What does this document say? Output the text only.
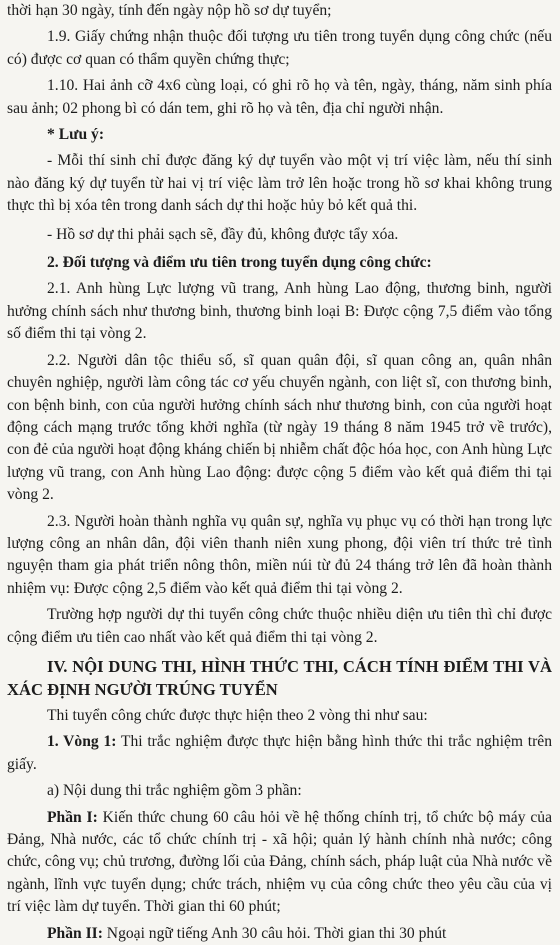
thời hạn 30 ngày, tính đến ngày nộp hồ sơ dự tuyển;

1.9. Giấy chứng nhận thuộc đối tượng ưu tiên trong tuyển dụng công chức (nếu có) được cơ quan có thẩm quyền chứng thực;

1.10. Hai ảnh cỡ 4x6 cùng loại, có ghi rõ họ và tên, ngày, tháng, năm sinh phía sau ảnh; 02 phong bì có dán tem, ghi rõ họ và tên, địa chỉ người nhận.

* Lưu ý:

- Mỗi thí sinh chỉ được đăng ký dự tuyển vào một vị trí việc làm, nếu thí sinh nào đăng ký dự tuyển từ hai vị trí việc làm trở lên hoặc trong hồ sơ khai không trung thực thì bị xóa tên trong danh sách dự thi hoặc hủy bỏ kết quả thi.

- Hồ sơ dự thi phải sạch sẽ, đầy đủ, không được tẩy xóa.

2. Đối tượng và điểm ưu tiên trong tuyển dụng công chức:

2.1. Anh hùng Lực lượng vũ trang, Anh hùng Lao động, thương binh, người hưởng chính sách như thương binh, thương binh loại B: Được cộng 7,5 điểm vào tổng số điểm thi tại vòng 2.

2.2. Người dân tộc thiểu số, sĩ quan quân đội, sĩ quan công an, quân nhân chuyên nghiệp, người làm công tác cơ yếu chuyển ngành, con liệt sĩ, con thương binh, con bệnh binh, con của người hưởng chính sách như thương binh, con của người hoạt động cách mạng trước tổng khởi nghĩa (từ ngày 19 tháng 8 năm 1945 trở về trước), con đẻ của người hoạt động kháng chiến bị nhiễm chất độc hóa học, con Anh hùng Lực lượng vũ trang, con Anh hùng Lao động: được cộng 5 điểm vào kết quả điểm thi tại vòng 2.

2.3. Người hoàn thành nghĩa vụ quân sự, nghĩa vụ phục vụ có thời hạn trong lực lượng công an nhân dân, đội viên thanh niên xung phong, đội viên trí thức trẻ tình nguyện tham gia phát triển nông thôn, miền núi từ đủ 24 tháng trở lên đã hoàn thành nhiệm vụ: Được cộng 2,5 điểm vào kết quả điểm thi tại vòng 2.

Trường hợp người dự thi tuyển công chức thuộc nhiều diện ưu tiên thì chỉ được cộng điểm ưu tiên cao nhất vào kết quả điểm thi tại vòng 2.

IV. NỘI DUNG THI, HÌNH THỨC THI, CÁCH TÍNH ĐIỂM THI VÀ XÁC ĐỊNH NGƯỜI TRÚNG TUYỂN

Thi tuyển công chức được thực hiện theo 2 vòng thi như sau:

1. Vòng 1: Thi trắc nghiệm được thực hiện bằng hình thức thi trắc nghiệm trên giấy.

a) Nội dung thi trắc nghiệm gồm 3 phần:

Phần I: Kiến thức chung 60 câu hỏi về hệ thống chính trị, tổ chức bộ máy của Đảng, Nhà nước, các tổ chức chính trị - xã hội; quản lý hành chính nhà nước; công chức, công vụ; chủ trương, đường lối của Đảng, chính sách, pháp luật của Nhà nước về ngành, lĩnh vực tuyển dụng; chức trách, nhiệm vụ của công chức theo yêu cầu của vị trí việc làm dự tuyển. Thời gian thi 60 phút;

Phần II: Ngoại ngữ tiếng Anh 30 câu hỏi. Thời gian thi 30 phút
